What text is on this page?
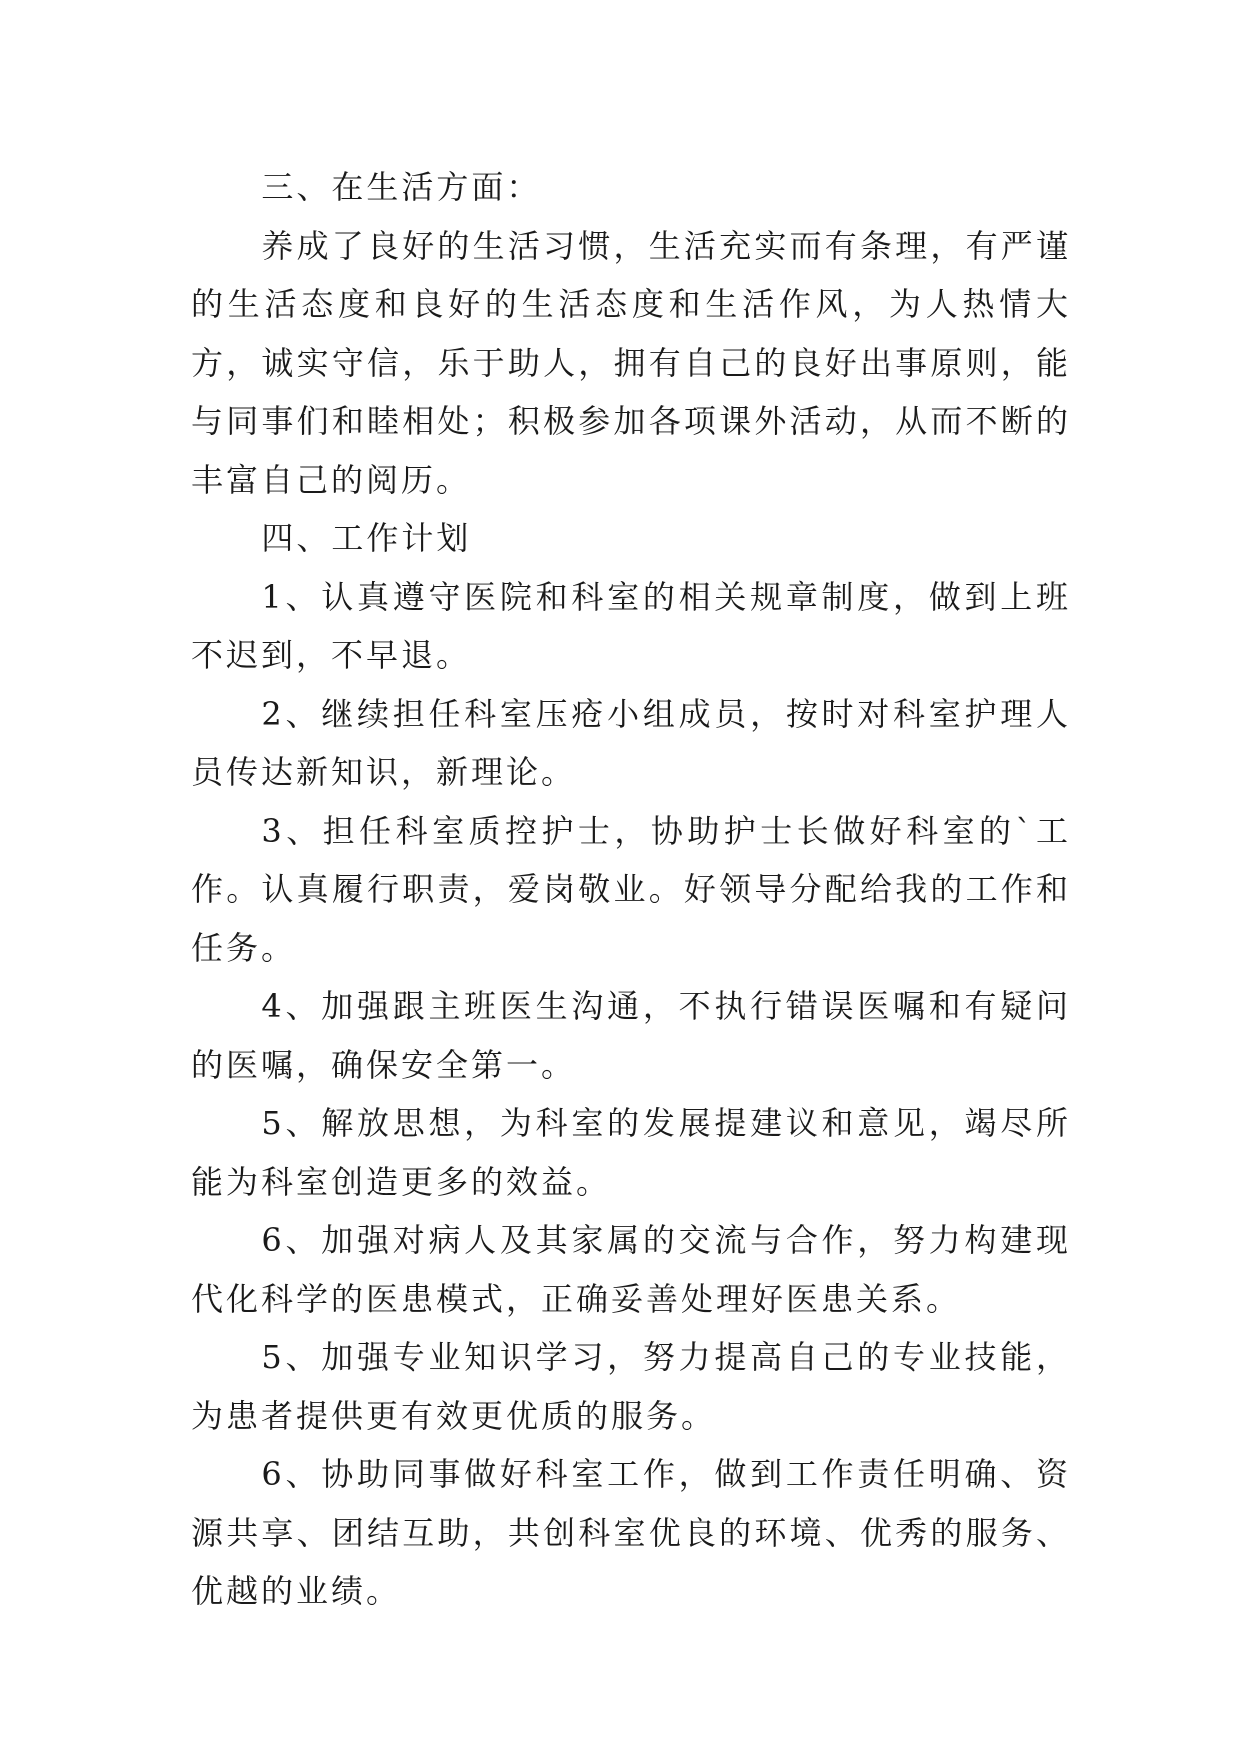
三、在生活方面：

养成了良好的生活习惯，生活充实而有条理，有严谨的生活态度和良好的生活态度和生活作风，为人热情大方，诚实守信，乐于助人，拥有自己的良好出事原则，能与同事们和睦相处；积极参加各项课外活动，从而不断的丰富自己的阅历。

四、工作计划

1、认真遵守医院和科室的相关规章制度，做到上班不迟到，不早退。

2、继续担任科室压疮小组成员，按时对科室护理人员传达新知识，新理论。

3、担任科室质控护士，协助护士长做好科室的`工作。认真履行职责，爱岗敬业。好领导分配给我的工作和任务。

4、加强跟主班医生沟通，不执行错误医嘱和有疑问的医嘱，确保安全第一。

5、解放思想，为科室的发展提建议和意见，竭尽所能为科室创造更多的效益。

6、加强对病人及其家属的交流与合作，努力构建现代化科学的医患模式，正确妥善处理好医患关系。

5、加强专业知识学习，努力提高自己的专业技能，为患者提供更有效更优质的服务。

6、协助同事做好科室工作，做到工作责任明确、资源共享、团结互助，共创科室优良的环境、优秀的服务、优越的业绩。
